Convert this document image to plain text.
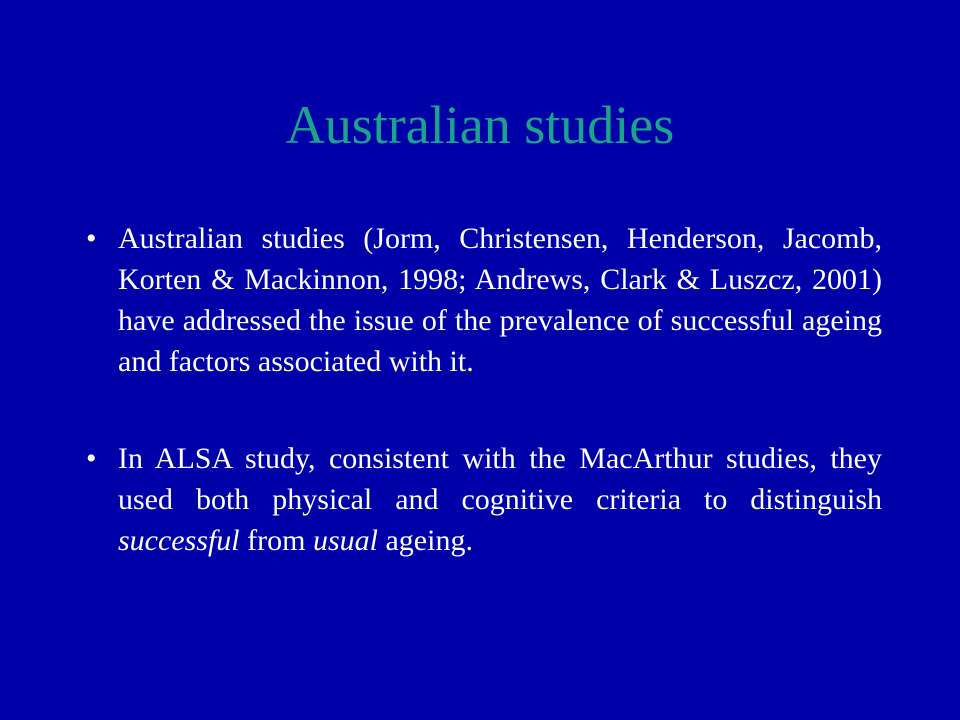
Australian studies
• Australian studies (Jorm, Christensen, Henderson, Jacomb, Korten & Mackinnon, 1998; Andrews, Clark & Luszcz, 2001) have addressed the issue of the prevalence of successful ageing and factors associated with it.
• In ALSA study, consistent with the MacArthur studies, they used both physical and cognitive criteria to distinguish successful from usual ageing.
